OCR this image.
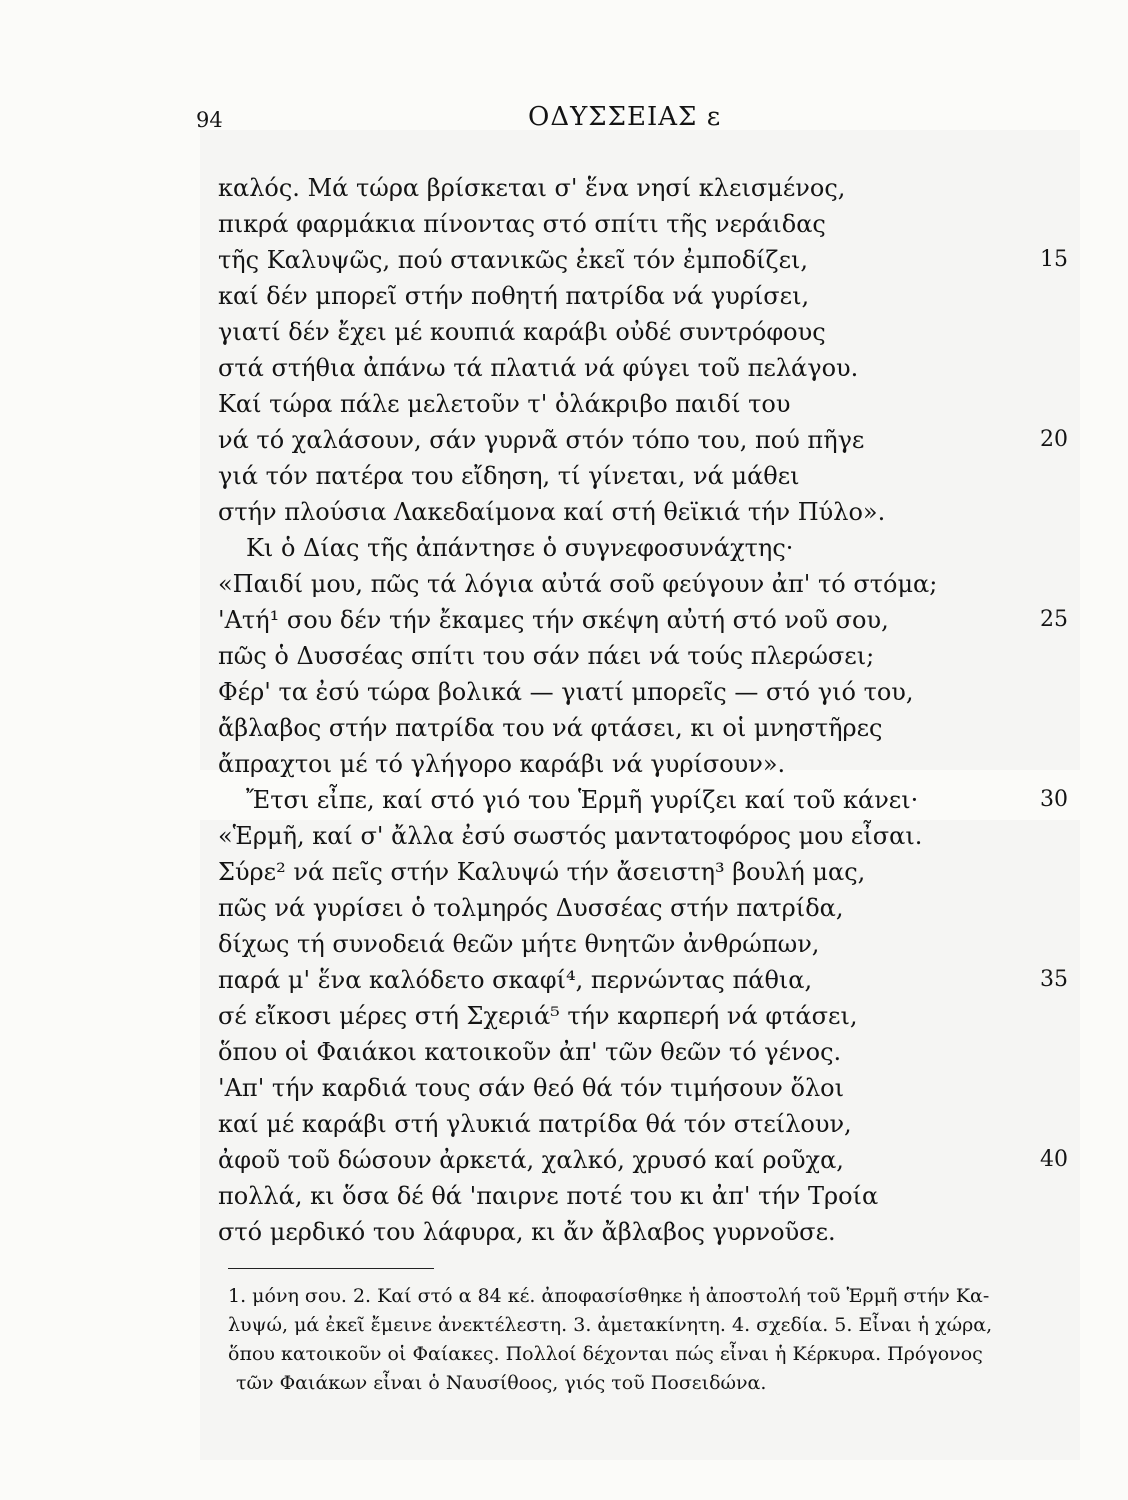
94	ΟΔΥΣΣΕΙΑΣ ε
καλός. Μά τώρα βρίσκεται σ' ἕνα νησί κλεισμένος,
πικρά φαρμάκια πίνοντας στό σπίτι τῆς νεράιδας
τῆς Καλυψῶς, πού στανικῶς ἐκεῖ τόν ἐμποδίζει,	15
καί δέν μπορεῖ στήν ποθητή πατρίδα νά γυρίσει,
γιατί δέν ἔχει μέ κουπιά καράβι οὐδέ συντρόφους
στά στήθια ἀπάνω τά πλατιά νά φύγει τοῦ πελάγου.
Καί τώρα πάλε μελετοῦν τ' ὁλάκριβο παιδί του
νά τό χαλάσουν, σάν γυρνᾶ στόν τόπο του, πού πῆγε	20
γιά τόν πατέρα του εἴδηση, τί γίνεται, νά μάθει
στήν πλούσια Λακεδαίμονα καί στή θεϊκιά τήν Πύλο».
Κι ὁ Δίας τῆς ἀπάντησε ὁ συγνεφοσυνάχτης·
«Παιδί μου, πῶς τά λόγια αὐτά σοῦ φεύγουν ἀπ' τό στόμα;
'Ατή¹ σου δέν τήν ἔκαμες τήν σκέψη αὐτή στό νοῦ σου,	25
πῶς ὁ Δυσσέας σπίτι του σάν πάει νά τούς πλερώσει;
Φέρ' τα ἐσύ τώρα βολικά — γιατί μπορεῖς — στό γιό του,
ἄβλαβος στήν πατρίδα του νά φτάσει, κι οἱ μνηστῆρες
ἄπραχτοι μέ τό γλήγορο καράβι νά γυρίσουν».
Ἔτσι εἶπε, καί στό γιό του Ἑρμῆ γυρίζει καί τοῦ κάνει·	30
«Ἑρμῆ, καί σ' ἄλλα ἐσύ σωστός μαντατοφόρος μου εἶσαι.
Σύρε² νά πεῖς στήν Καλυψώ τήν ἄσειστη³ βουλή μας,
πῶς νά γυρίσει ὁ τολμηρός Δυσσέας στήν πατρίδα,
δίχως τή συνοδειά θεῶν μήτε θνητῶν ἀνθρώπων,
παρά μ' ἕνα καλόδετο σκαφί⁴, περνώντας πάθια,	35
σέ εἴκοσι μέρες στή Σχεριά⁵ τήν καρπερή νά φτάσει,
ὅπου οἱ Φαιάκοι κατοικοῦν ἀπ' τῶν θεῶν τό γένος.
'Απ' τήν καρδιά τους σάν θεό θά τόν τιμήσουν ὅλοι
καί μέ καράβι στή γλυκιά πατρίδα θά τόν στείλουν,
ἀφοῦ τοῦ δώσουν ἀρκετά, χαλκό, χρυσό καί ροῦχα,	40
πολλά, κι ὅσα δέ θά 'παιρνε ποτέ του κι ἀπ' τήν Τροία
στό μερδικό του λάφυρα, κι ἄν ἄβλαβος γυρνοῦσε.

1. μόνη σου. 2. Καί στό α 84 κέ. ἀποφασίσθηκε ἡ ἀποστολή τοῦ Ἑρμῆ στήν Κα-
λυψώ, μά ἐκεῖ ἔμεινε ἀνεκτέλεστη. 3. ἀμετακίνητη. 4. σχεδία. 5. Εἶναι ἡ χώρα,
ὅπου κατοικοῦν οἱ Φαίακες. Πολλοί δέχονται πώς εἶναι ἡ Κέρκυρα. Πρόγονος
τῶν Φαιάκων εἶναι ὁ Ναυσίθοος, γιός τοῦ Ποσειδώνα.
